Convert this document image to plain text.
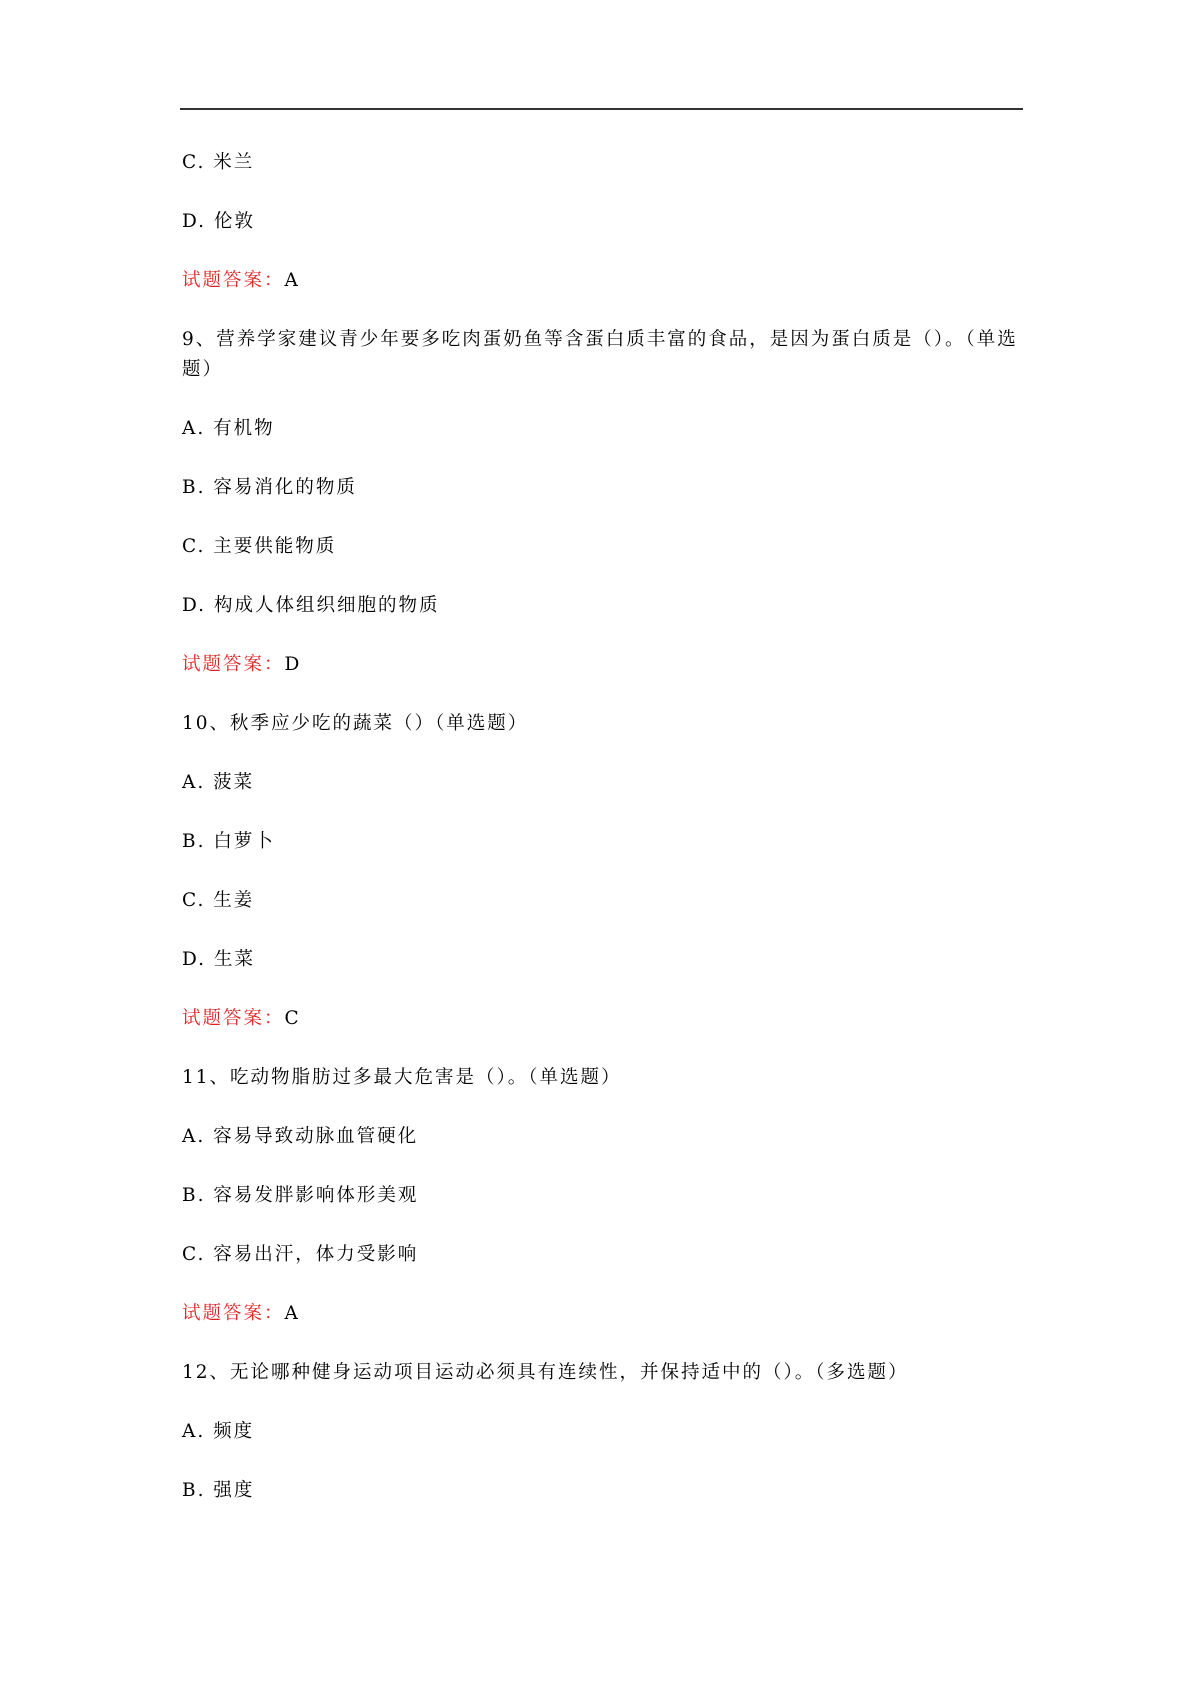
C. 米兰
D. 伦敦
试题答案：A
9、营养学家建议青少年要多吃肉蛋奶鱼等含蛋白质丰富的食品，是因为蛋白质是（）。（单选题）
A. 有机物
B. 容易消化的物质
C. 主要供能物质
D. 构成人体组织细胞的物质
试题答案：D
10、秋季应少吃的蔬菜（）（单选题）
A. 菠菜
B. 白萝卜
C. 生姜
D. 生菜
试题答案：C
11、吃动物脂肪过多最大危害是（）。（单选题）
A. 容易导致动脉血管硬化
B. 容易发胖影响体形美观
C. 容易出汗，体力受影响
试题答案：A
12、无论哪种健身运动项目运动必须具有连续性，并保持适中的（）。（多选题）
A. 频度
B. 强度
